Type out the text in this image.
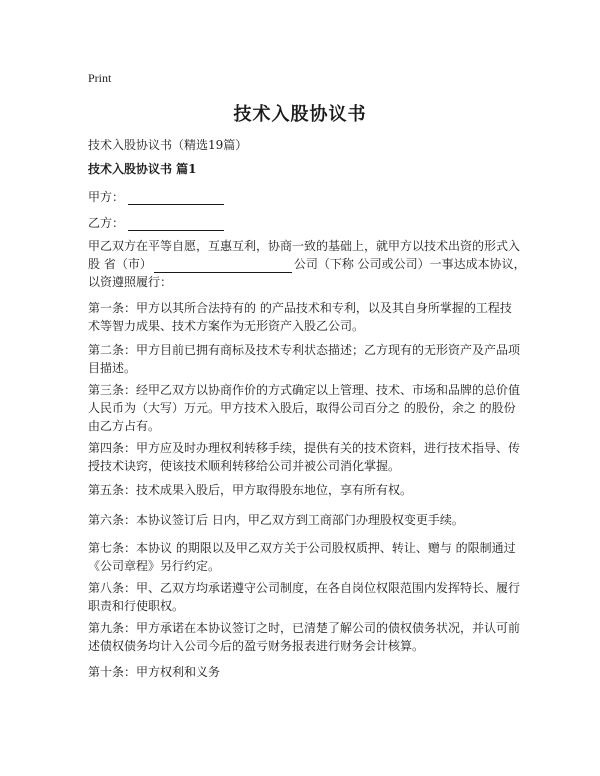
Print
技术入股协议书
技术入股协议书（精选19篇）
技术入股协议书 篇1
甲方：
乙方：
甲乙双方在平等自愿，互惠互利，协商一致的基础上，就甲方以技术出资的形式入
股 省（市）	公司（下称 公司或公司）一事达成本协议，
以资遵照履行：
第一条：甲方以其所合法持有的 的产品技术和专利，以及其自身所掌握的工程技
术等智力成果、技术方案作为无形资产入股乙公司。
第二条：甲方目前已拥有商标及技术专利状态描述；乙方现有的无形资产及产品项
目描述。
第三条：经甲乙双方以协商作价的方式确定以上管理、技术、市场和品牌的总价值
人民币为（大写）万元。甲方技术入股后，取得公司百分之 的股份，余之 的股份
由乙方占有。
第四条：甲方应及时办理权利转移手续，提供有关的技术资料，进行技术指导、传
授技术诀窍，使该技术顺利转移给公司并被公司消化掌握。
第五条：技术成果入股后，甲方取得股东地位，享有所有权。
第六条：本协议签订后 日内，甲乙双方到工商部门办理股权变更手续。
第七条：本协议 的期限以及甲乙双方关于公司股权质押、转让、赠与 的限制通过
《公司章程》另行约定。
第八条：甲、乙双方均承诺遵守公司制度，在各自岗位权限范围内发挥特长、履行
职责和行使职权。
第九条：甲方承诺在本协议签订之时，已清楚了解公司的债权债务状况，并认可前
述债权债务均计入公司今后的盈亏财务报表进行财务会计核算。
第十条：甲方权利和义务
